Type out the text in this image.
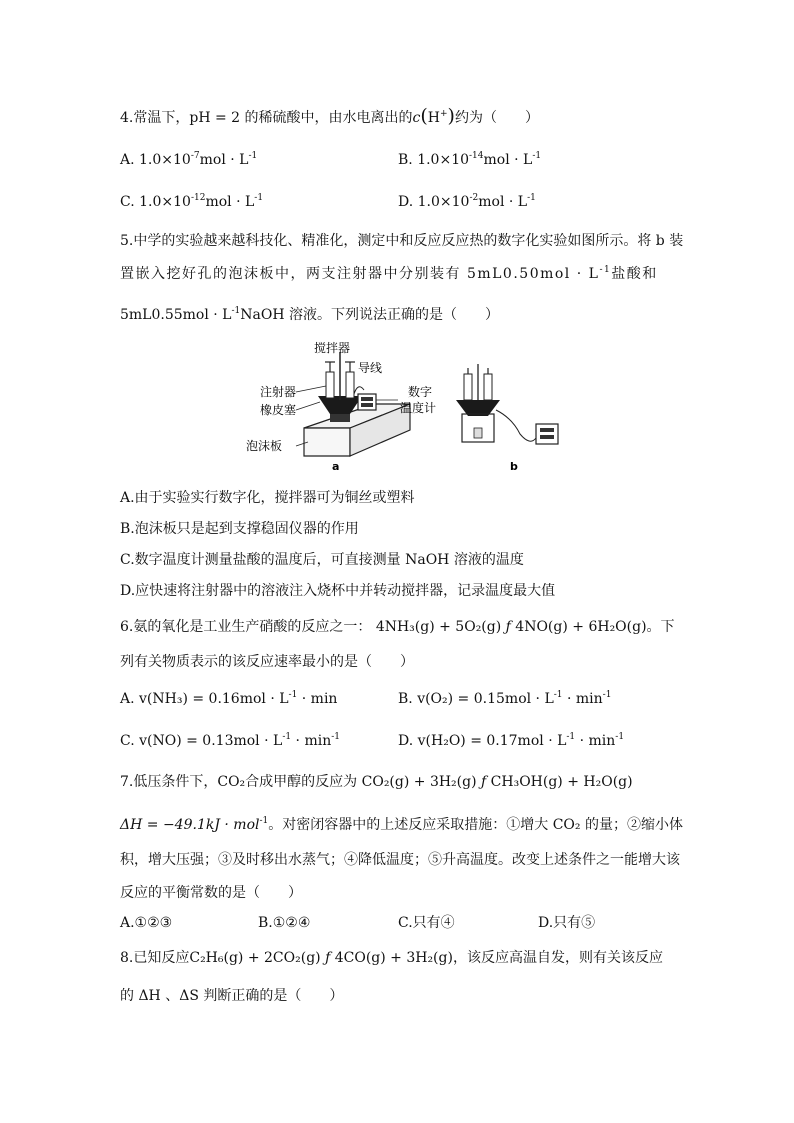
4.常温下，pH = 2 的稀硫酸中，由水电离出的c(H+)约为（　　）
A. $1.0\times 10^{-7}mol \cdot L^{-1}$	B. $1.0\times 10^{-14}mol \cdot L^{-1}$
C. $1.0\times 10^{-12}mol \cdot L^{-1}$	D. $1.0\times 10^{-2}mol \cdot L^{-1}$
5.中学的实验越来越科技化、精准化，测定中和反应反应热的数字化实验如图所示。将 b 装
置嵌入挖好孔的泡沫板中，两支注射器中分别装有 $5mL0.50mol \cdot L^{-1}$盐酸和
$5mL0.55mol \cdot L^{-1}NaOH$ 溶液。下列说法正确的是（　　）
搅拌器
导线
注射器
橡皮塞
数字
温度计
泡沫板
a	b
A.由于实验实行数字化，搅拌器可为铜丝或塑料
B.泡沫板只是起到支撑稳固仪器的作用
C.数字温度计测量盐酸的温度后，可直接测量 NaOH 溶液的温度
D.应快速将注射器中的溶液注入烧杯中并转动搅拌器，记录温度最大值
6.氨的氧化是工业生产硝酸的反应之一： 4NH₃(g) + 5O₂(g) ƒ 4NO(g) + 6H₂O(g)。下
列有关物质表示的该反应速率最小的是（　　）
A. $v(NH_3) = 0.16mol \cdot L^{-1} \cdot \min$	B. $v(O_2) = 0.15mol \cdot L^{-1} \cdot \min^{-1}$
C. $v(NO) = 0.13mol \cdot L^{-1} \cdot \min^{-1}$	D. $v(H_2O) = 0.17mol \cdot L^{-1} \cdot \min^{-1}$
7.低压条件下，CO₂合成甲醇的反应为 CO₂(g) + 3H₂(g) ƒ CH₃OH(g) + H₂O(g)
ΔH = −49.1kJ · mol$^{-1}$。对密闭容器中的上述反应采取措施：①增大 CO₂ 的量；②缩小体
积，增大压强；③及时移出水蒸气；④降低温度；⑤升高温度。改变上述条件之一能增大该
反应的平衡常数的是（　　）
A.①②③	B.①②④	C.只有④	D.只有⑤
8.已知反应C₂H₆(g) + 2CO₂(g) ƒ 4CO(g) + 3H₂(g)，该反应高温自发，则有关该反应
的 ΔH 、ΔS 判断正确的是（　　）
